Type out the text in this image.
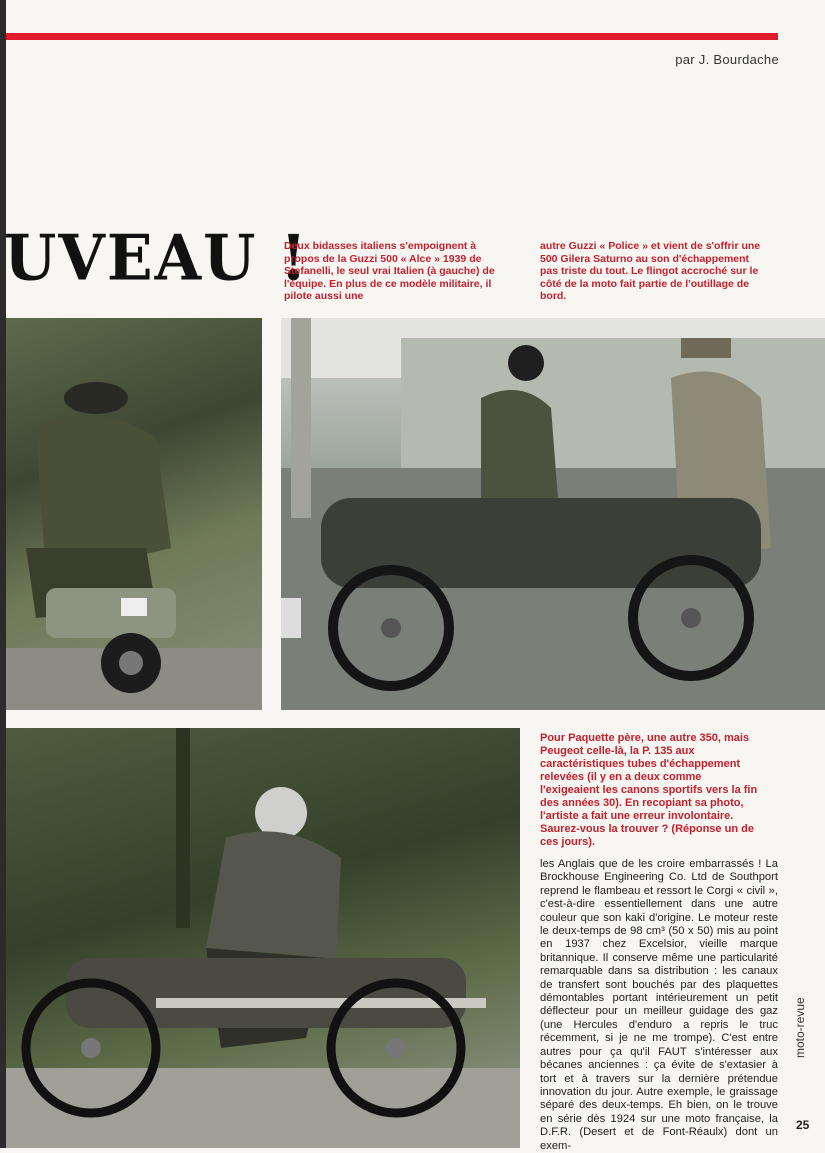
par J. Bourdache
UVEAU !
Deux bidasses italiens s'empoignent à propos de la Guzzi 500 « Alce » 1939 de Stefanelli, le seul vrai Italien (à gauche) de l'équipe. En plus de ce modèle militaire, il pilote aussi une
autre Guzzi « Police » et vient de s'offrir une 500 Gilera Saturno au son d'échappement pas triste du tout. Le flingot accroché sur le côté de la moto fait partie de l'outillage de bord.
Pour Paquette père, une autre 350, mais Peugeot celle-là, la P. 135 aux caractéristiques tubes d'échappement relevées (il y en a deux comme l'exigeaient les canons sportifs vers la fin des années 30). En recopiant sa photo, l'artiste a fait une erreur involontaire. Saurez-vous la trouver ? (Réponse un de ces jours).
les Anglais que de les croire embarrassés ! La Brockhouse Engineering Co. Ltd de Southport reprend le flambeau et ressort le Corgi « civil », c'est-à-dire essentiellement dans une autre couleur que son kaki d'origine. Le moteur reste le deux-temps de 98 cm³ (50 x 50) mis au point en 1937 chez Excelsior, vieille marque britannique. Il conserve même une particularité remarquable dans sa distribution : les canaux de transfert sont bouchés par des plaquettes démontables portant intérieurement un petit déflecteur pour un meilleur guidage des gaz (une Hercules d'enduro a repris le truc récemment, si je ne me trompe). C'est entre autres pour ça qu'il FAUT s'intéresser aux bécanes anciennes : ça évite de s'extasier à tort et à travers sur la dernière prétendue innovation du jour. Autre exemple, le graissage séparé des deux-temps. Eh bien, on le trouve en série dès 1924 sur une moto française, la D.F.R. (Desert et de Font-Réaulx) dont un exem-
moto-revue
25
